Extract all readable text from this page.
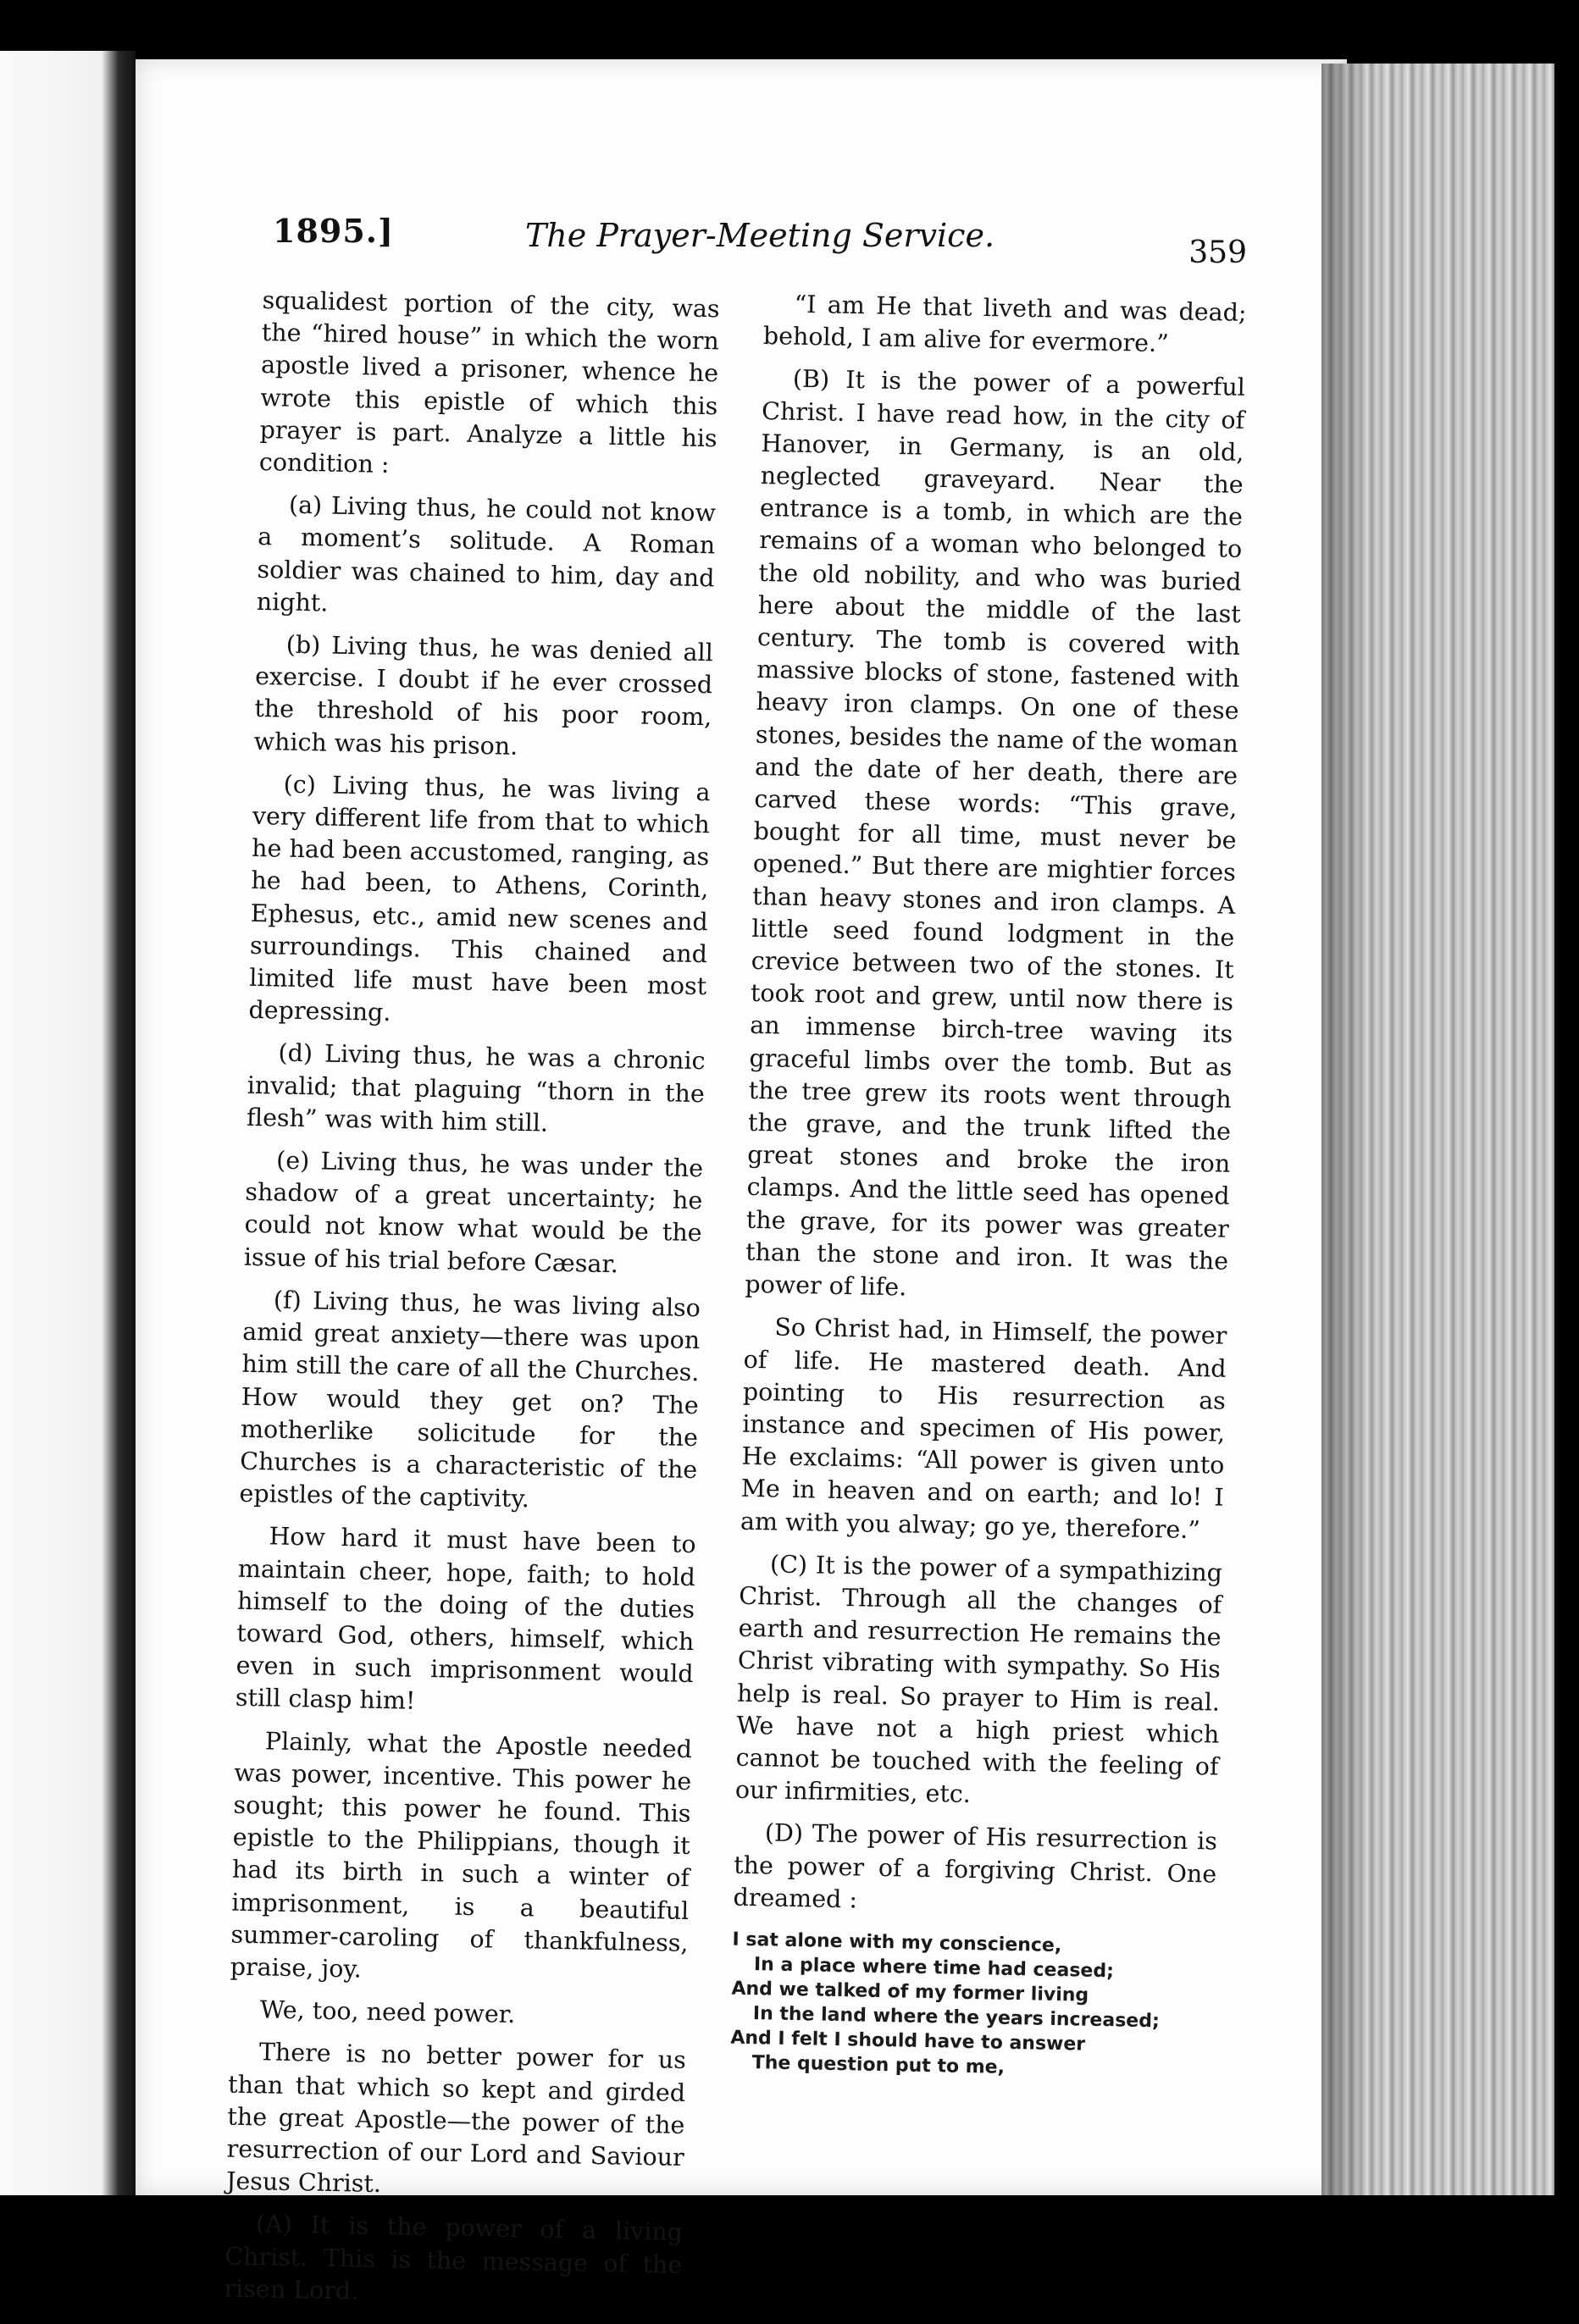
1895.]	The Prayer-Meeting Service.	359

squalidest portion of the city, was the “hired house” in which the worn apostle lived a prisoner, whence he wrote this epistle of which this prayer is part. Analyze a little his condition :

(a) Living thus, he could not know a moment’s solitude. A Roman soldier was chained to him, day and night.

(b) Living thus, he was denied all exercise. I doubt if he ever crossed the threshold of his poor room, which was his prison.

(c) Living thus, he was living a very different life from that to which he had been accustomed, ranging, as he had been, to Athens, Corinth, Ephesus, etc., amid new scenes and surroundings. This chained and limited life must have been most depressing.

(d) Living thus, he was a chronic invalid; that plaguing “thorn in the flesh” was with him still.

(e) Living thus, he was under the shadow of a great uncertainty; he could not know what would be the issue of his trial before Cæsar.

(f) Living thus, he was living also amid great anxiety—there was upon him still the care of all the Churches. How would they get on? The motherlike solicitude for the Churches is a characteristic of the epistles of the captivity.

How hard it must have been to maintain cheer, hope, faith; to hold himself to the doing of the duties toward God, others, himself, which even in such imprisonment would still clasp him!

Plainly, what the Apostle needed was power, incentive. This power he sought; this power he found. This epistle to the Philippians, though it had its birth in such a winter of imprisonment, is a beautiful summer-caroling of thankfulness, praise, joy.

We, too, need power.

There is no better power for us than that which so kept and girded the great Apostle—the power of the resurrection of our Lord and Saviour Jesus Christ.

(A) It is the power of a living Christ. This is the message of the risen Lord.

“I am He that liveth and was dead; behold, I am alive for evermore.”

(B) It is the power of a powerful Christ. I have read how, in the city of Hanover, in Germany, is an old, neglected graveyard. Near the entrance is a tomb, in which are the remains of a woman who belonged to the old nobility, and who was buried here about the middle of the last century. The tomb is covered with massive blocks of stone, fastened with heavy iron clamps. On one of these stones, besides the name of the woman and the date of her death, there are carved these words: “This grave, bought for all time, must never be opened.” But there are mightier forces than heavy stones and iron clamps. A little seed found lodgment in the crevice between two of the stones. It took root and grew, until now there is an immense birch-tree waving its graceful limbs over the tomb. But as the tree grew its roots went through the grave, and the trunk lifted the great stones and broke the iron clamps. And the little seed has opened the grave, for its power was greater than the stone and iron. It was the power of life.

So Christ had, in Himself, the power of life. He mastered death. And pointing to His resurrection as instance and specimen of His power, He exclaims: “All power is given unto Me in heaven and on earth; and lo! I am with you alway; go ye, therefore.”

(C) It is the power of a sympathizing Christ. Through all the changes of earth and resurrection He remains the Christ vibrating with sympathy. So His help is real. So prayer to Him is real. We have not a high priest which cannot be touched with the feeling of our infirmities, etc.

(D) The power of His resurrection is the power of a forgiving Christ. One dreamed :

I sat alone with my conscience,
In a place where time had ceased;
And we talked of my former living
In the land where the years increased;
And I felt I should have to answer
The question put to me,
